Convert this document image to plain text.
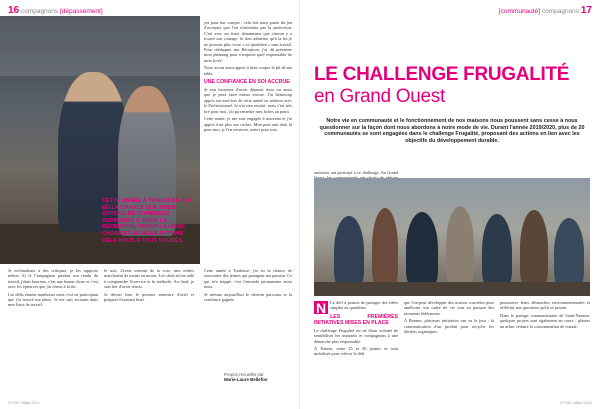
16 compagnons [dépassement]

jeu pour but compte ; cela fait aussi partie du jeu d'accepter que l'on n'atteindra pas la perfection. C'est avec un franc dynamisme que chacun y a trouvé son courage. Je dois admettre qu'à la fin je ne pouvais plus vivre « ce quotidien » sans travail. Pour rééduquer ma Réception, j'ai dû présenter mon planning pour n'importe quel responsable de mon lycée.

Nous avons aussi appris à bien couper le pli de ma table.

UNE CONFIANCE EN SOI ACCRUE

Je suis heureuse d'avoir dépassé, mon cas aussi que je peux faire mieux encore. J'ai beaucoup appris sur moi-lors de cette année en relation avec le Professionnel. Je n'ai rien remisé, mais c'est très tiré pour moi, j'ai pu remettre mes fiches au point.

Cette année, je me suis engagée à nouveau et j'ai appris à ne plus me cacher. Mon petit ami était là pour moi, je l'en remercie, merci pour tout.

Je m'entraînais à des critiques, je les rapporte même. Si le Compagnon produit son rendu du travail, j'étais heureux, c'est une bonne chose et c'est avec les épreuves que j'ai réussi à la fin.

Les défis étaient nombreux mais c'est en participant que j'ai trouvé ma place. Je me suis reconnu dans mes lieux de travail.

le suis. J'avais souvent de la voix, mes ordres marchaient de moins en moins. Les chefs m'ont aidé à comprendre l'exercice et la méthode. Au final, je suis fier d'avoir réussi.

Je devais finir le premier semestre d'avril et préparer l'examen final.

CETTE ANNÉE À TOULOUSE J'AI EU LA CHANCE QUE NOUS SOYONS DE NOMBREUX ASPIRANTS À TENIR LA RÉCEPTION, VIVANT LA MÊME CHOSE ET AU MÊME RYTHME CELA NOUS A TOUS SOUDÉS.

Cette année à Toulouse, j'ai eu la chance de rencontrer des jeunes qui partagent ma passion. Ce qui m'a frappé, c'est l'entraide permanente entre nous.

Je mesure aujourd'hui le chemin parcouru et la confiance gagnée.

Propos recueillis par
Marie-Laure Bellefon
N°206 / Mars 2021
[communauté] compagnons 17
LE CHALLENGE FRUGALITÉ
en Grand Ouest
Notre vie en communauté et le fonctionnement de nos maisons nous poussent sans cesse à nous questionner sur la façon dont nous abordons à notre mode de vie. Durant l'année 2019/2020, plus de 20 communautés se sont engagées dans le challenge Frugalité, proposant des actions en lien avec les objectifs du développement durable.

ombreux ont participé à ce challenge. Au Grand

N Le défi a permis de partager des idées simples au quotidien.

LES PREMIÈRES INITIATIVES MISES EN PLACE

Le challenge Frugalité est né d'une volonté de sensibiliser les aspirants et compagnons à une démarche plus responsable.

À Nantes, entre 25 et 30 jeunes se sont mobilisés pour relever le défi.

que l'on peut développer des actions concrètes pour améliorer son cadre de vie tout en passant des moments fédérateurs.

À Rennes, plusieurs initiatives ont vu le jour : la communication d'un produit pour recycler les déchets organiques.

poursuivre leurs démarches environnementales et réfléchir aux questions qu'ils se posent.

Dans le partage communautaire de Saint-Nazaire, quelques projets sont également en cours : planter un arbre, réduire la consommation de viande.

N°206 / Mars 2021
